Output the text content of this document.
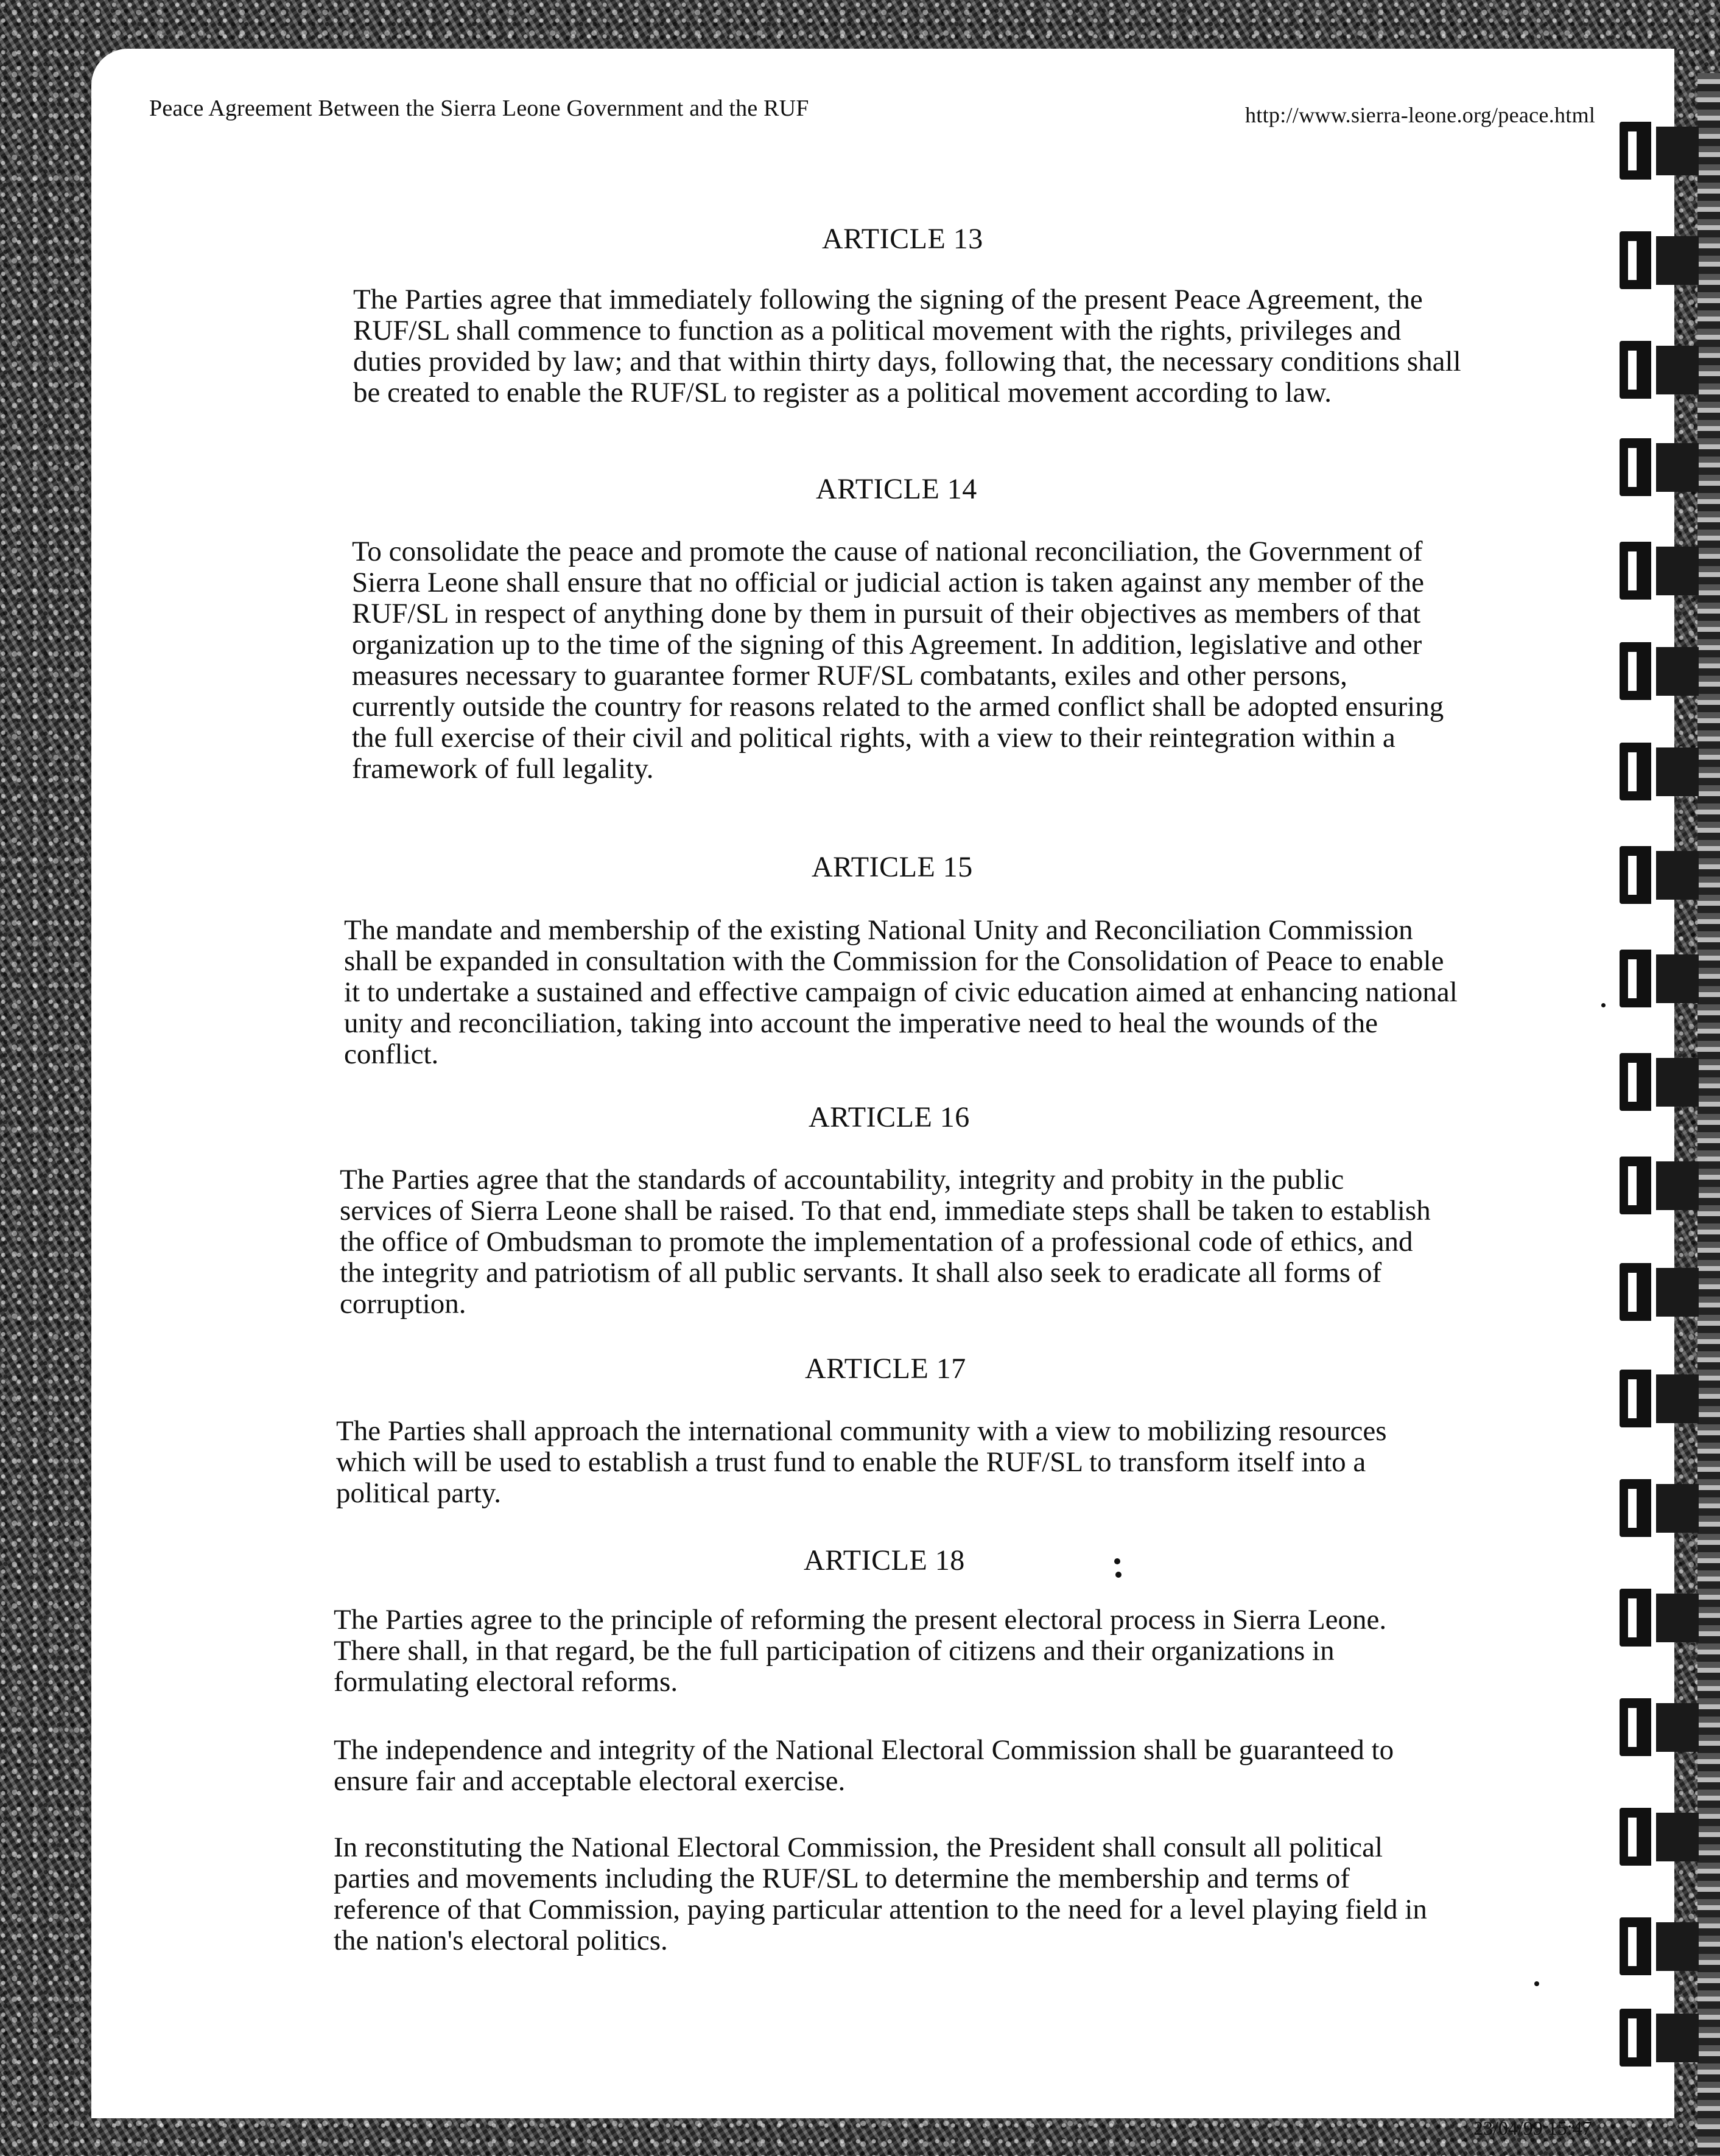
Peace Agreement Between the Sierra Leone Government and the RUF	http://www.sierra-leone.org/peace.html
ARTICLE 13
The Parties agree that immediately following the signing of the present Peace Agreement, the RUF/SL shall commence to function as a political movement with the rights, privileges and duties provided by law; and that within thirty days, following that, the necessary conditions shall be created to enable the RUF/SL to register as a political movement according to law.
ARTICLE 14
To consolidate the peace and promote the cause of national reconciliation, the Government of Sierra Leone shall ensure that no official or judicial action is taken against any member of the RUF/SL in respect of anything done by them in pursuit of their objectives as members of that organization up to the time of the signing of this Agreement. In addition, legislative and other measures necessary to guarantee former RUF/SL combatants, exiles and other persons, currently outside the country for reasons related to the armed conflict shall be adopted ensuring the full exercise of their civil and political rights, with a view to their reintegration within a framework of full legality.
ARTICLE 15
The mandate and membership of the existing National Unity and Reconciliation Commission shall be expanded in consultation with the Commission for the Consolidation of Peace to enable it to undertake a sustained and effective campaign of civic education aimed at enhancing national unity and reconciliation, taking into account the imperative need to heal the wounds of the conflict.
ARTICLE 16
The Parties agree that the standards of accountability, integrity and probity in the public services of Sierra Leone shall be raised. To that end, immediate steps shall be taken to establish the office of Ombudsman to promote the implementation of a professional code of ethics, and the integrity and patriotism of all public servants. It shall also seek to eradicate all forms of corruption.
ARTICLE 17
The Parties shall approach the international community with a view to mobilizing resources which will be used to establish a trust fund to enable the RUF/SL to transform itself into a political party.
ARTICLE 18
The Parties agree to the principle of reforming the present electoral process in Sierra Leone. There shall, in that regard, be the full participation of citizens and their organizations in formulating electoral reforms.
The independence and integrity of the National Electoral Commission shall be guaranteed to ensure fair and acceptable electoral exercise.
In reconstituting the National Electoral Commission, the President shall consult all political parties and movements including the RUF/SL to determine the membership and terms of reference of that Commission, paying particular attention to the need for a level playing field in the nation's electoral politics.
23/04/99 15:47
